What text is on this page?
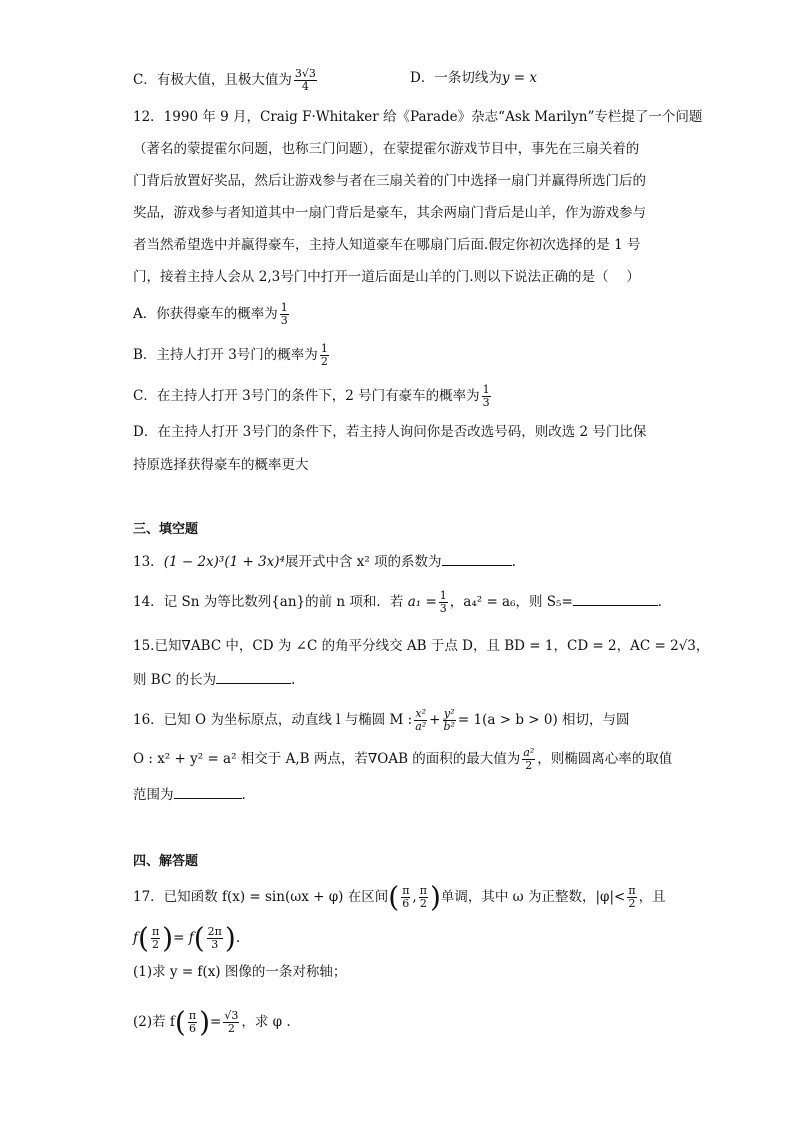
C．有极大值，且极大值为 $\frac{3√3}{4}$	D．一条切线为y = x
12．1990 年 9 月，Craig F·Whitaker 给《Parade》杂志“Ask Marilyn”专栏提了一个问题
（著名的蒙提霍尔问题，也称三门问题），在蒙提霍尔游戏节目中，事先在三扇关着的
门背后放置好奖品，然后让游戏参与者在三扇关着的门中选择一扇门并赢得所选门后的
奖品，游戏参与者知道其中一扇门背后是豪车，其余两扇门背后是山羊，作为游戏参与
者当然希望选中并赢得豪车，主持人知道豪车在哪扇门后面.假定你初次选择的是 1 号
门，接着主持人会从 2,3号门中打开一道后面是山羊的门.则以下说法正确的是（　 ）
A．你获得豪车的概率为 $\frac{1}{3}$
B．主持人打开 3号门的概率为 $\frac{1}{2}$
C．在主持人打开 3号门的条件下，2 号门有豪车的概率为 $\frac{1}{3}$
D．在主持人打开 3号门的条件下，若主持人询问你是否改选号码，则改选 2 号门比保
持原选择获得豪车的概率更大
三、填空题
13．(1 − 2x)³(1 + 3x)⁴展开式中含 x² 项的系数为	.
14．记 Sn 为等比数列{an}的前 n 项和．若 $a_1 = \frac{1}{3}$ ，a₄² = a₆，则 S₅=	．
15.已知∇ABC 中，CD 为 ∠C 的角平分线交 AB 于点 D，且 BD = 1，CD = 2，AC = 2√3，
则 BC 的长为	.
16．已知 O 为坐标原点，动直线 l 与椭圆 M : $\frac{\text{x²}}{\text{a²}} + \frac{\text{y²}}{\text{b²}} = 1(a > b > 0)$ 相切，与圆
O : x² + y² = a² 相交于 A,B 两点，若∇OAB 的面积的最大值为 $\frac{\text{a²}}{2}$ ，则椭圆离心率的取值
范围为	.
四、解答题
17．已知函数 f(x) = sin(ωx + φ) 在区间( $\frac{\pi}{6}$ , $\frac{\pi}{2}$ )单调，其中 ω 为正整数，$|\varphi|< \frac{\pi}{2}$ ，且
$f( \frac{\pi}{2}$ )= $f( \frac{2\pi}{3}$ ).
(1)求 y = f(x) 图像的一条对称轴；
(2)若 $f( \frac{\pi}{6}$ )= $\frac{√3}{2}$ ，求 φ .
